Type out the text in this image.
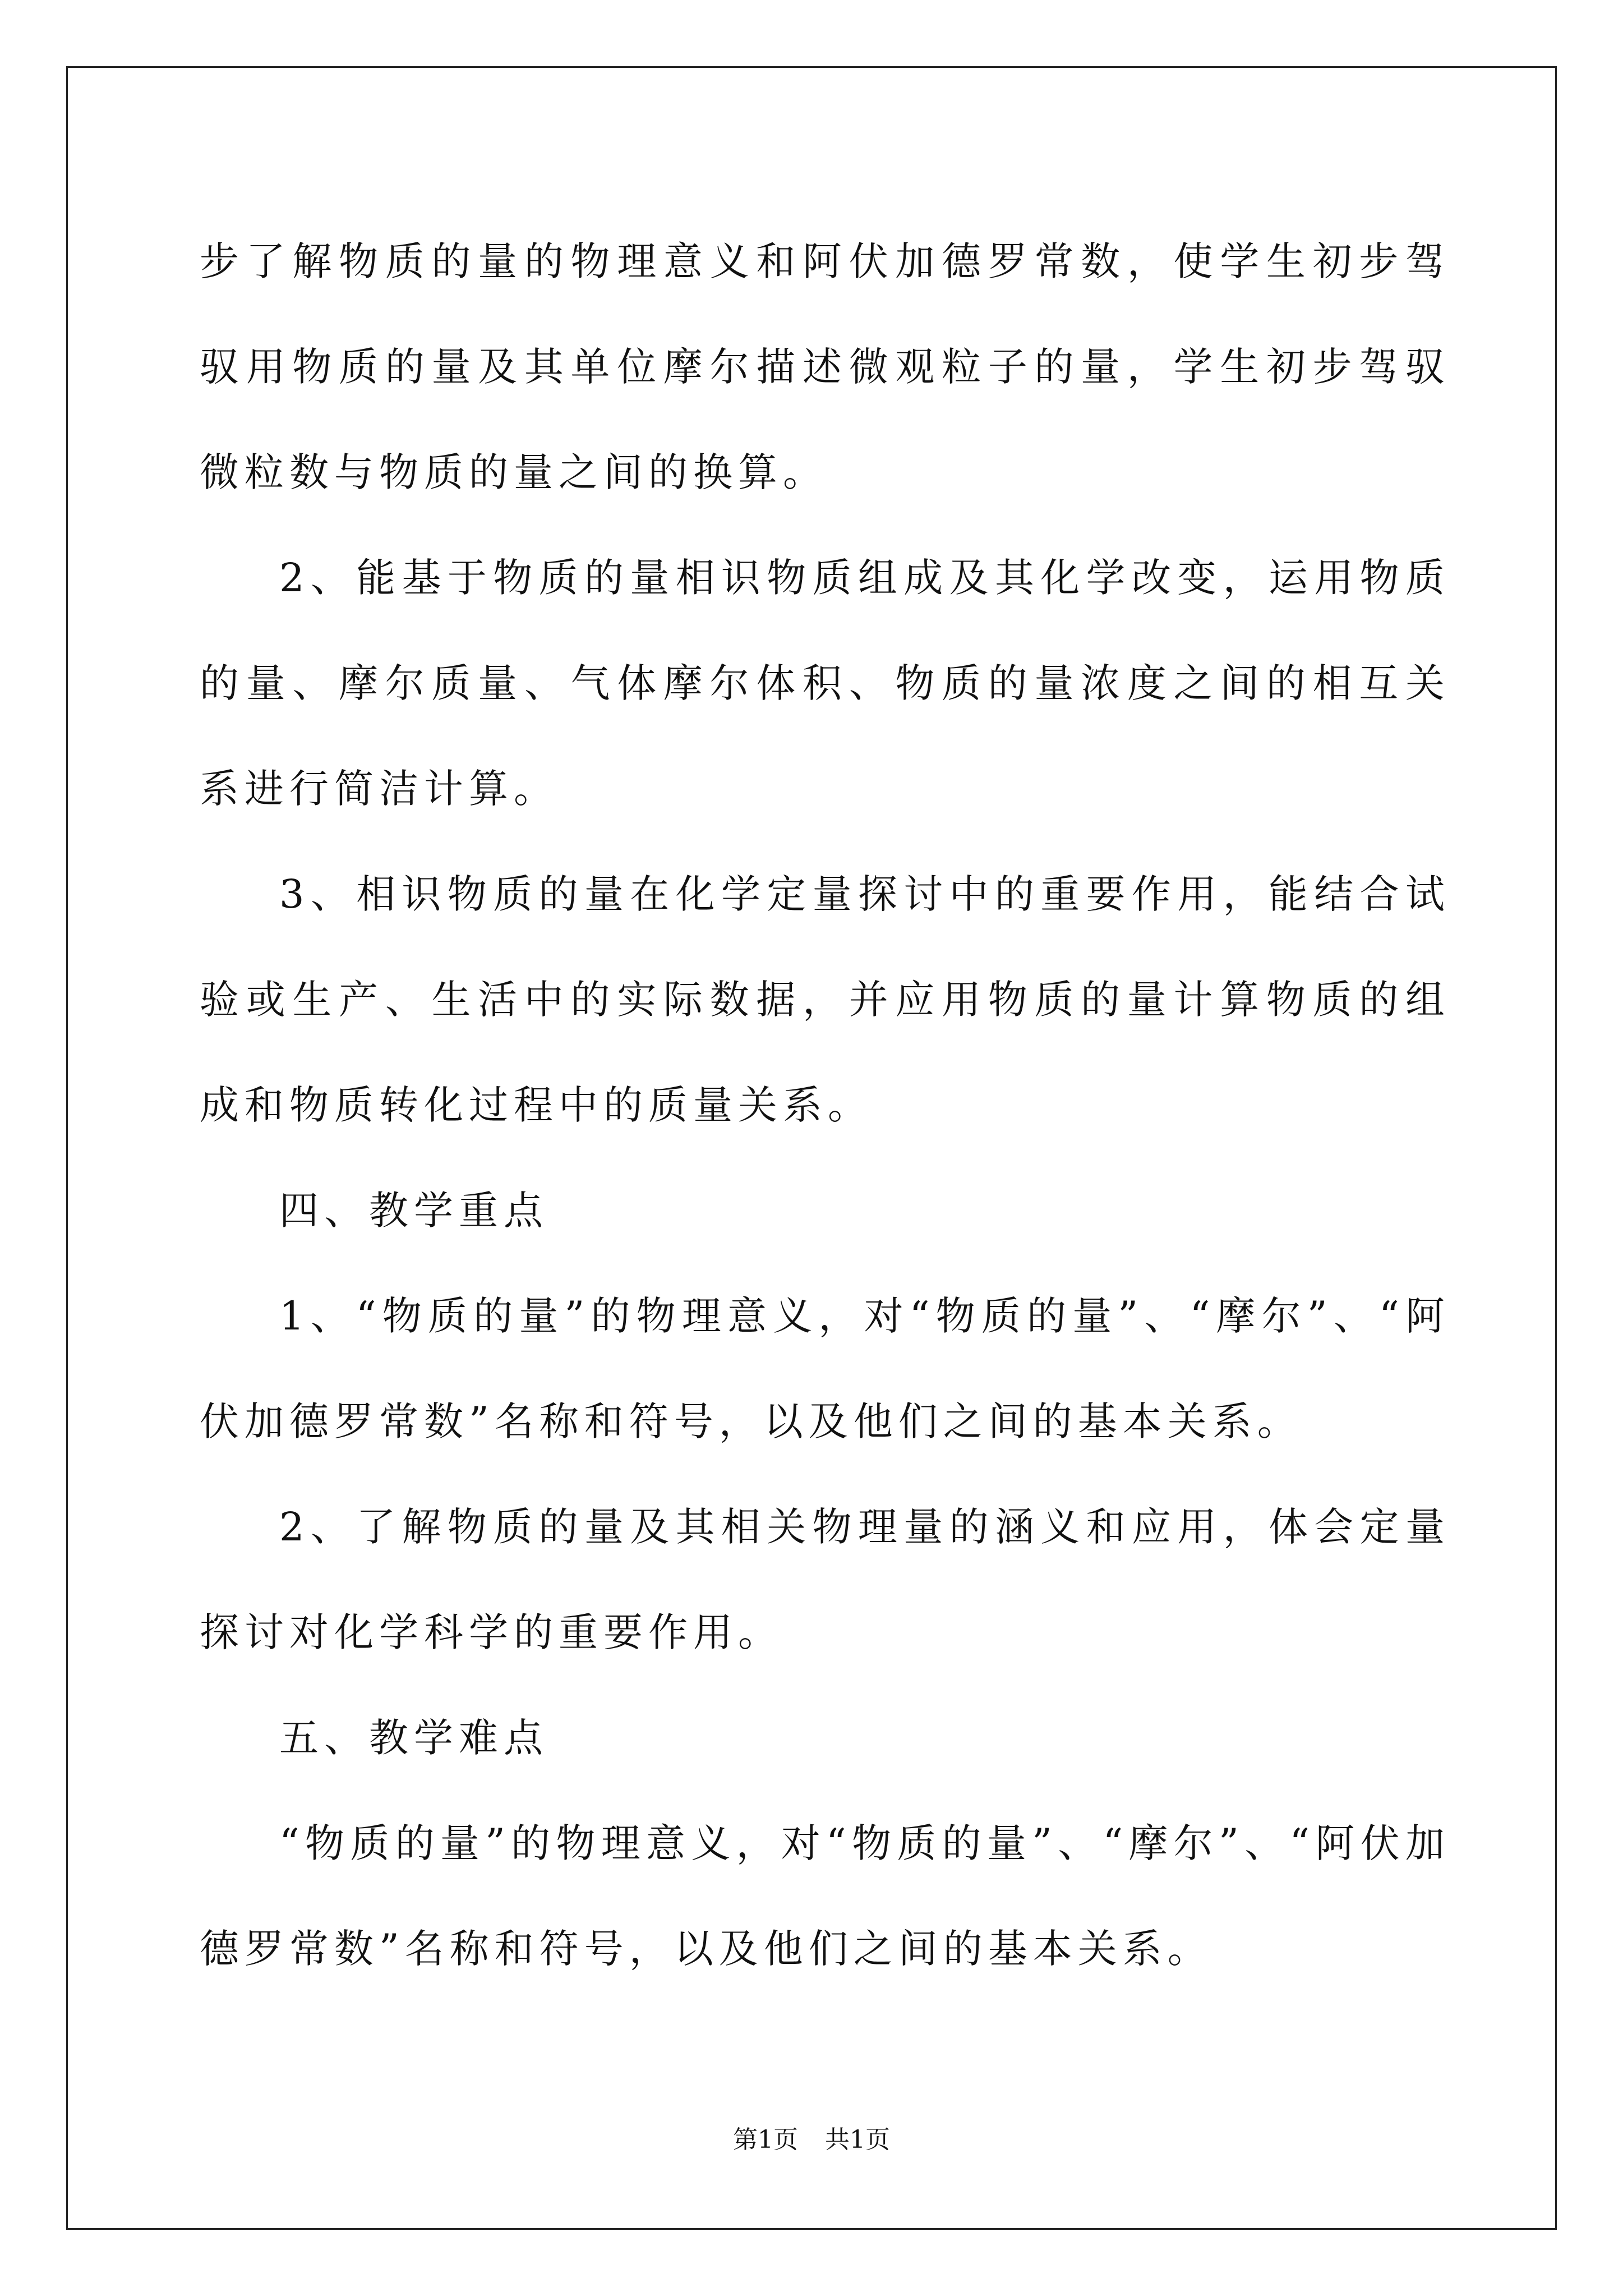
步了解物质的量的物理意义和阿伏加德罗常数，使学生初步驾驭用物质的量及其单位摩尔描述微观粒子的量，学生初步驾驭微粒数与物质的量之间的换算。

2、能基于物质的量相识物质组成及其化学改变，运用物质的量、摩尔质量、气体摩尔体积、物质的量浓度之间的相互关系进行简洁计算。

3、相识物质的量在化学定量探讨中的重要作用，能结合试验或生产、生活中的实际数据，并应用物质的量计算物质的组成和物质转化过程中的质量关系。

四、教学重点

1、“物质的量”的物理意义，对“物质的量”、“摩尔”、“阿伏加德罗常数”名称和符号，以及他们之间的基本关系。

2、了解物质的量及其相关物理量的涵义和应用，体会定量探讨对化学科学的重要作用。

五、教学难点

“物质的量”的物理意义，对“物质的量”、“摩尔”、“阿伏加德罗常数”名称和符号，以及他们之间的基本关系。

第1页 共1页
